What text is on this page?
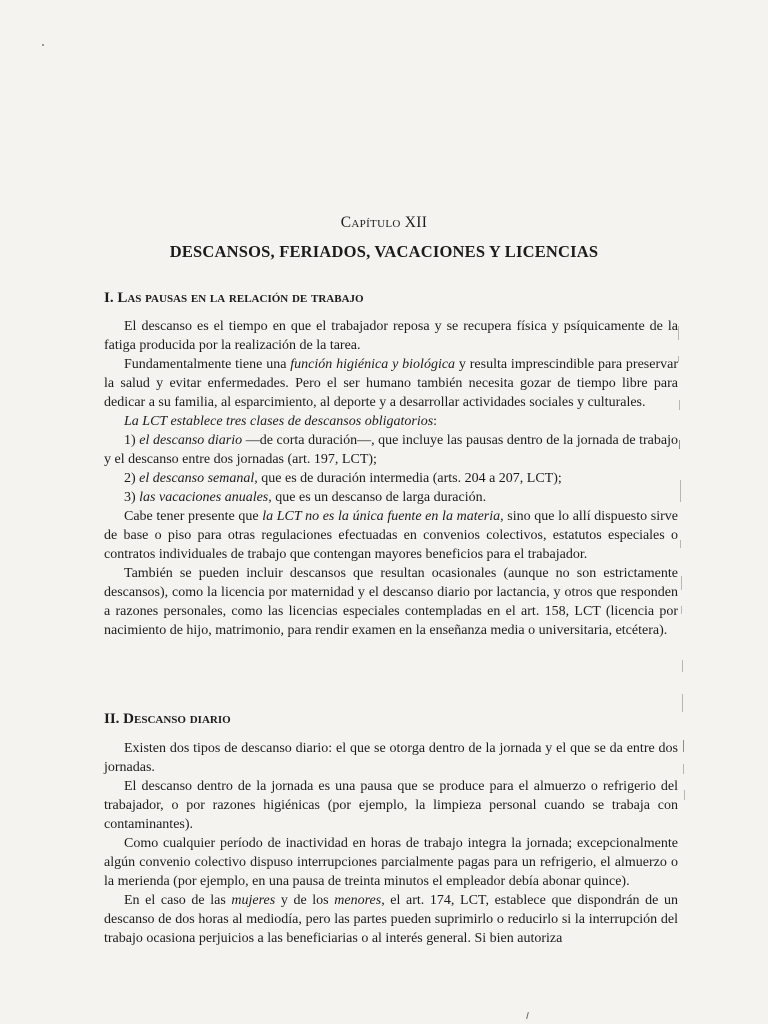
Capítulo XII
DESCANSOS, FERIADOS, VACACIONES Y LICENCIAS
I. Las pausas en la relación de trabajo

El descanso es el tiempo en que el trabajador reposa y se recupera física y psíquicamente de la fatiga producida por la realización de la tarea.

Fundamentalmente tiene una función higiénica y biológica y resulta imprescindible para preservar la salud y evitar enfermedades. Pero el ser humano también necesita gozar de tiempo libre para dedicar a su familia, al esparcimiento, al deporte y a desarrollar actividades sociales y culturales.

La LCT establece tres clases de descansos obligatorios:

1) el descanso diario —de corta duración—, que incluye las pausas dentro de la jornada de trabajo y el descanso entre dos jornadas (art. 197, LCT);

2) el descanso semanal, que es de duración intermedia (arts. 204 a 207, LCT);

3) las vacaciones anuales, que es un descanso de larga duración.

Cabe tener presente que la LCT no es la única fuente en la materia, sino que lo allí dispuesto sirve de base o piso para otras regulaciones efectuadas en convenios colectivos, estatutos especiales o contratos individuales de trabajo que contengan mayores beneficios para el trabajador.

También se pueden incluir descansos que resultan ocasionales (aunque no son estrictamente descansos), como la licencia por maternidad y el descanso diario por lactancia, y otros que responden a razones personales, como las licencias especiales contempladas en el art. 158, LCT (licencia por nacimiento de hijo, matrimonio, para rendir examen en la enseñanza media o universitaria, etcétera).

II. Descanso diario

Existen dos tipos de descanso diario: el que se otorga dentro de la jornada y el que se da entre dos jornadas.

El descanso dentro de la jornada es una pausa que se produce para el almuerzo o refrigerio del trabajador, o por razones higiénicas (por ejemplo, la limpieza personal cuando se trabaja con contaminantes).

Como cualquier período de inactividad en horas de trabajo integra la jornada; excepcionalmente algún convenio colectivo dispuso interrupciones parcialmente pagas para un refrigerio, el almuerzo o la merienda (por ejemplo, en una pausa de treinta minutos el empleador debía abonar quince).

En el caso de las mujeres y de los menores, el art. 174, LCT, establece que dispondrán de un descanso de dos horas al mediodía, pero las partes pueden suprimirlo o reducirlo si la interrupción del trabajo ocasiona perjuicios a las beneficiarias o al interés general. Si bien autoriza
